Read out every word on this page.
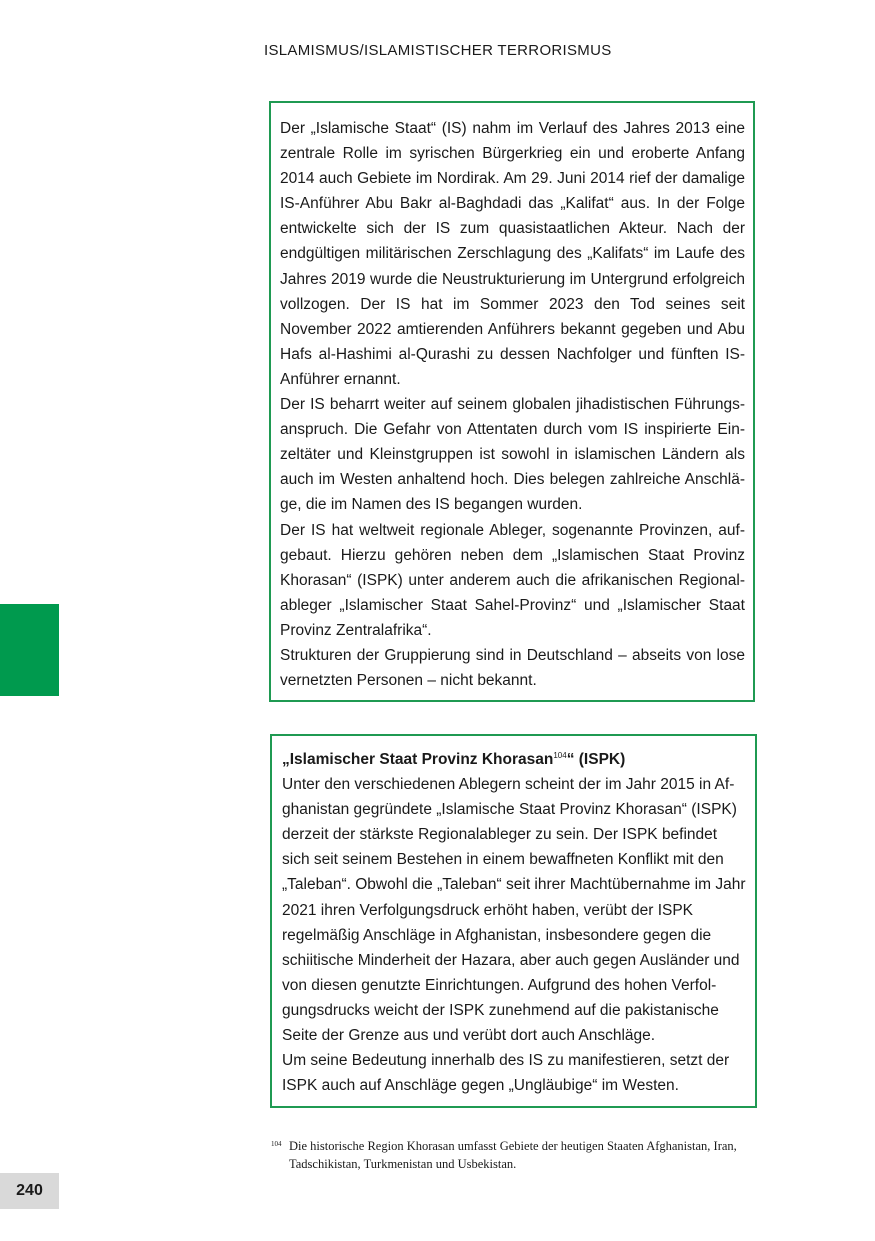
ISLAMISMUS/ISLAMISTISCHER TERRORISMUS

Der „Islamische Staat“ (IS) nahm im Verlauf des Jahres 2013 eine zentrale Rolle im syrischen Bürgerkrieg ein und eroberte Anfang 2014 auch Gebiete im Nordirak. Am 29. Juni 2014 rief der damalige IS-Anführer Abu Bakr al-Baghdadi das „Kalifat“ aus. In der Folge entwickelte sich der IS zum quasistaatlichen Akteur. Nach der endgültigen militärischen Zerschlagung des „Kalifats“ im Laufe des Jahres 2019 wurde die Neustrukturierung im Untergrund erfolgreich vollzogen. Der IS hat im Sommer 2023 den Tod seines seit November 2022 amtierenden Anführers bekannt gegeben und Abu Hafs al-Hashimi al-Qurashi zu dessen Nachfolger und fünften IS-Anführer ernannt.

Der IS beharrt weiter auf seinem globalen jihadistischen Führungsanspruch. Die Gefahr von Attentaten durch vom IS inspirierte Einzeltäter und Kleinstgruppen ist sowohl in islamischen Ländern als auch im Westen anhaltend hoch. Dies belegen zahlreiche Anschläge, die im Namen des IS begangen wurden.

Der IS hat weltweit regionale Ableger, sogenannte Provinzen, aufgebaut. Hierzu gehören neben dem „Islamischen Staat Provinz Khorasan“ (ISPK) unter anderem auch die afrikanischen Regionalableger „Islamischer Staat Sahel-Provinz“ und „Islamischer Staat Provinz Zentralafrika“.

Strukturen der Gruppierung sind in Deutschland – abseits von lose vernetzten Personen – nicht bekannt.

„Islamischer Staat Provinz Khorasan$^{104}$“ (ISPK)

Unter den verschiedenen Ablegern scheint der im Jahr 2015 in Afghanistan gegründete „Islamische Staat Provinz Khorasan“ (ISPK) derzeit der stärkste Regionalableger zu sein. Der ISPK befindet sich seit seinem Bestehen in einem bewaffneten Konflikt mit den „Taleban“. Obwohl die „Taleban“ seit ihrer Machtübernahme im Jahr 2021 ihren Verfolgungsdruck erhöht haben, verübt der ISPK regelmäßig Anschläge in Afghanistan, insbesondere gegen die schiitische Minderheit der Hazara, aber auch gegen Ausländer und von diesen genutzte Einrichtungen. Aufgrund des hohen Verfolgungsdrucks weicht der ISPK zunehmend auf die pakistanische Seite der Grenze aus und verübt dort auch Anschläge.

Um seine Bedeutung innerhalb des IS zu manifestieren, setzt der ISPK auch auf Anschläge gegen „Ungläubige“ im Westen.

104 Die historische Region Khorasan umfasst Gebiete der heutigen Staaten Afghanistan, Iran, Tadschikistan, Turkmenistan und Usbekistan.
240
